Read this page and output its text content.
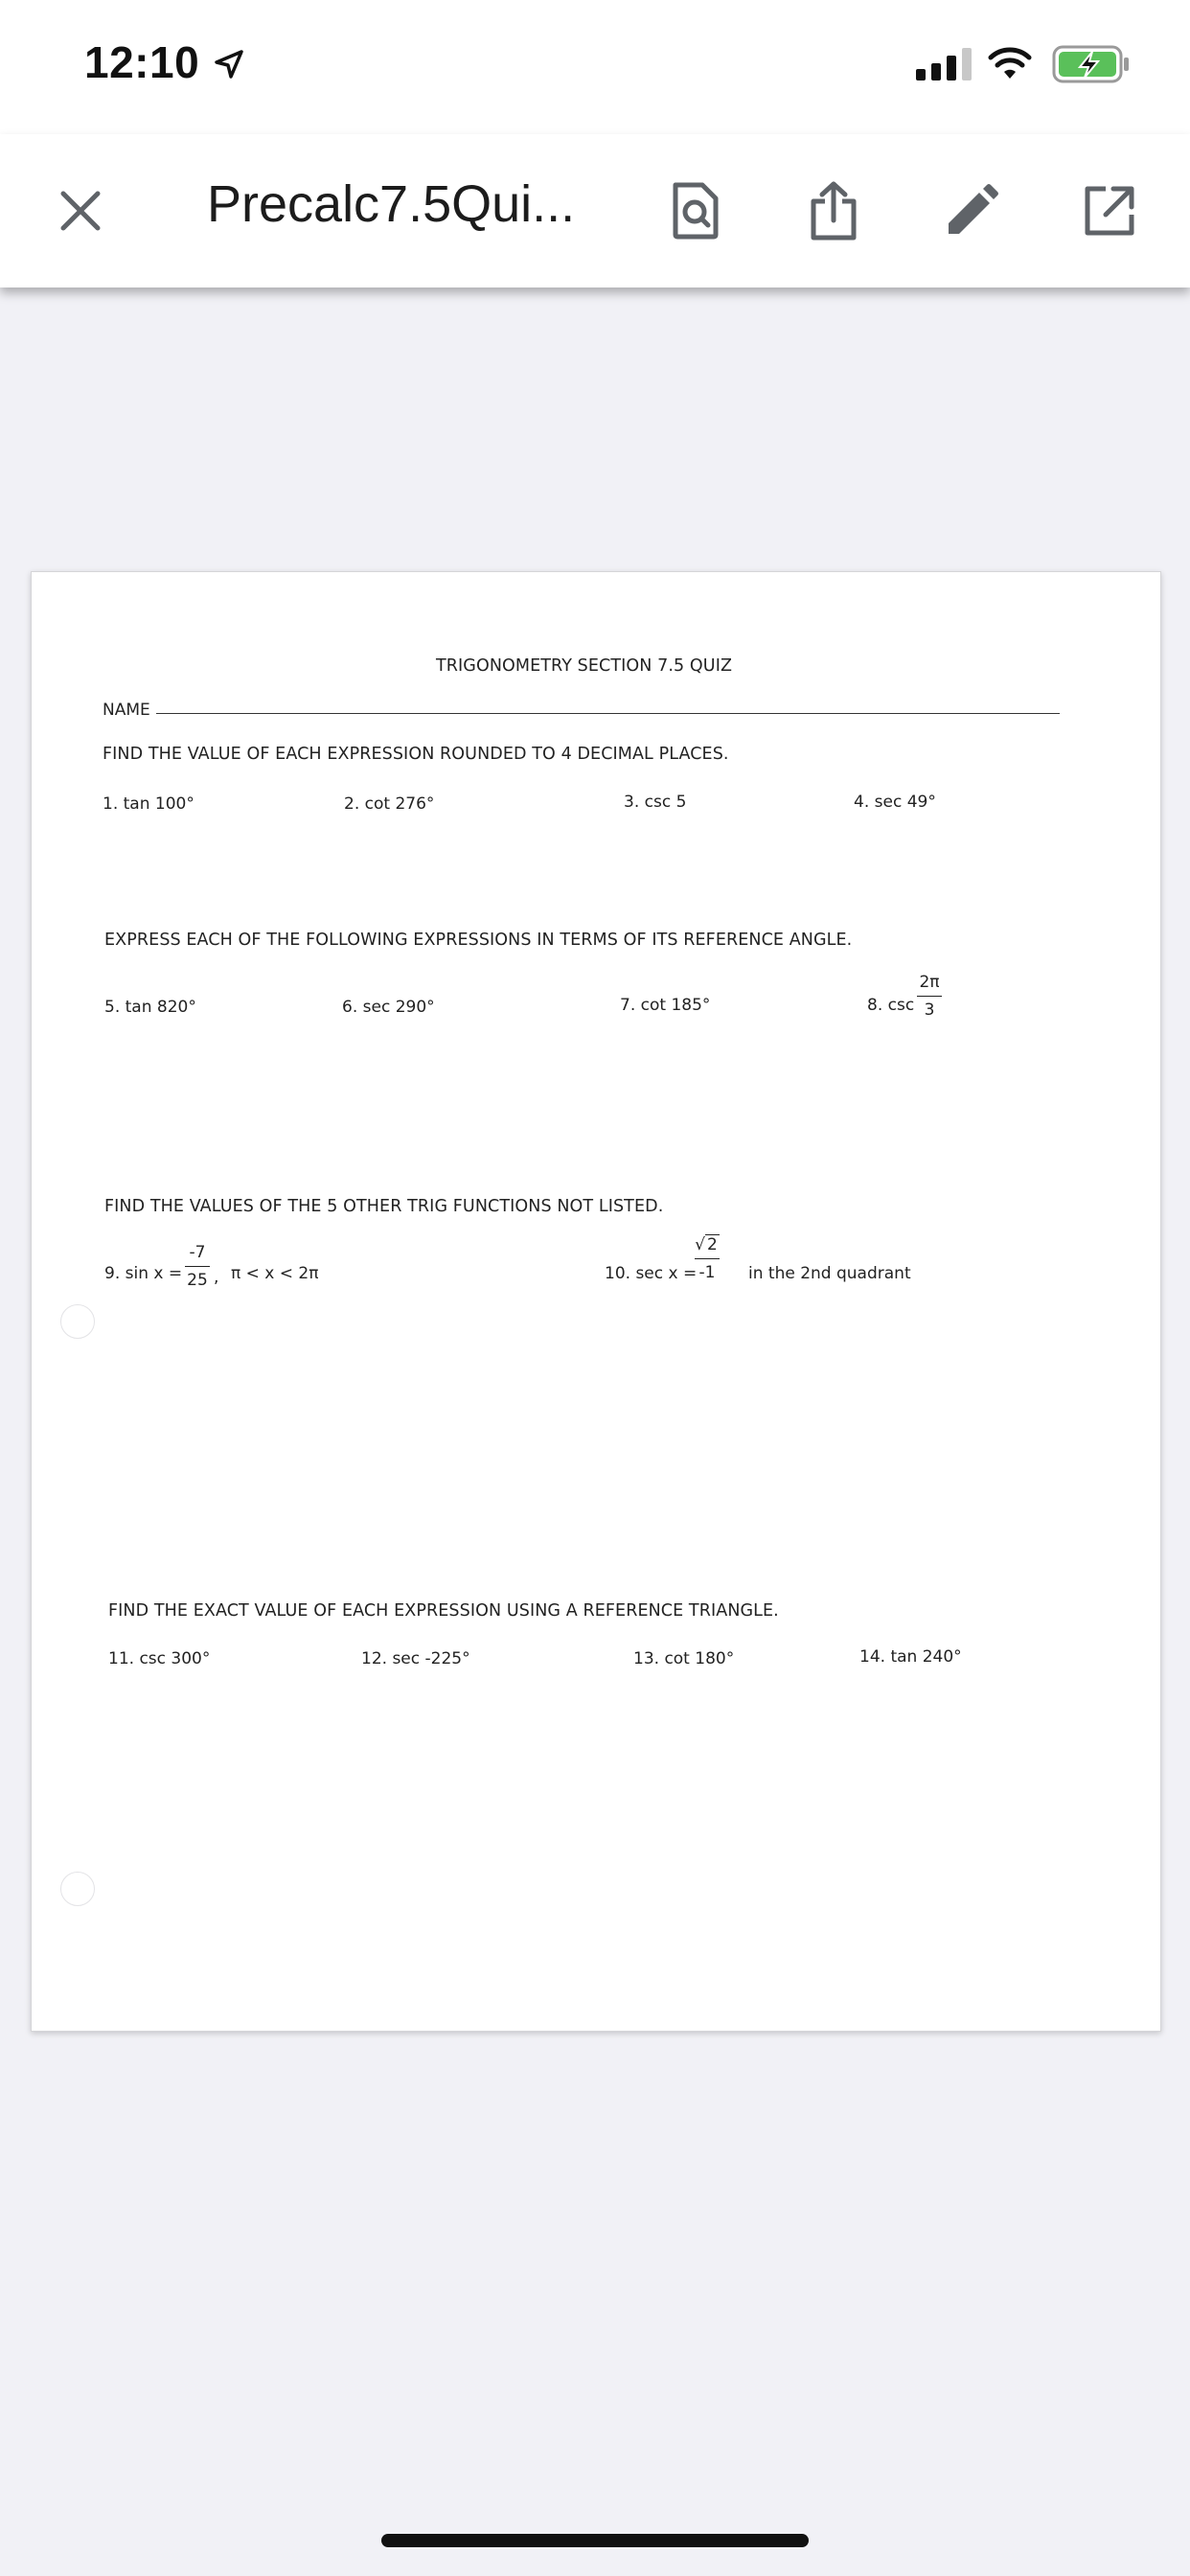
12:10
Precalc7.5Qui...
TRIGONOMETRY SECTION 7.5 QUIZ
NAME
FIND THE VALUE OF EACH EXPRESSION ROUNDED TO 4 DECIMAL PLACES.
1. tan 100°	2. cot 276°	3. csc 5	4. sec 49°
EXPRESS EACH OF THE FOLLOWING EXPRESSIONS IN TERMS OF ITS REFERENCE ANGLE.
5. tan 820°	6. sec 290°	7. cot 185°	8. csc
2π
3
FIND THE VALUES OF THE 5 OTHER TRIG FUNCTIONS NOT LISTED.
9. sin x =
-7
25 , π < x < 2π	10. sec x =
√ 2
-1 in the 2nd quadrant
FIND THE EXACT VALUE OF EACH EXPRESSION USING A REFERENCE TRIANGLE.
11. csc 300°	12. sec -225°	13. cot 180°	14. tan 240°
